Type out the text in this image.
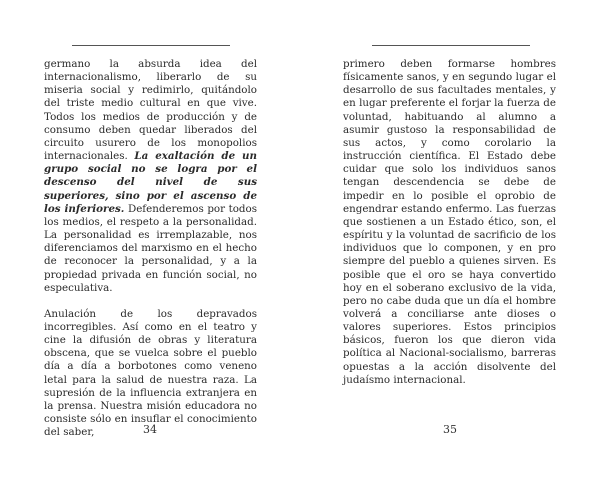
germano la absurda idea del internacionalismo, liberarlo de su miseria social y redimirlo, quitándolo del triste medio cultural en que vive. Todos los medios de producción y de consumo deben quedar liberados del circuito usurero de los monopolios internacionales. La exaltación de un grupo social no se logra por el descenso del nivel de sus superiores, sino por el ascenso de los inferiores. Defenderemos por todos los medios, el respeto a la personalidad. La personalidad es irremplazable, nos diferenciamos del marxismo en el hecho de reconocer la personalidad, y a la propiedad privada en función social, no especulativa.

Anulación de los depravados incorregibles. Así como en el teatro y cine la difusión de obras y literatura obscena, que se vuelca sobre el pueblo día a día a borbotones como veneno letal para la salud de nuestra raza. La supresión de la influencia extranjera en la prensa. Nuestra misión educadora no consiste sólo en insuflar el conocimiento del saber,	34

primero deben formarse hombres físicamente sanos, y en segundo lugar el desarrollo de sus facultades mentales, y en lugar preferente el forjar la fuerza de voluntad, habituando al alumno a asumir gustoso la responsabilidad de sus actos, y como corolario la instrucción científica. El Estado debe cuidar que solo los individuos sanos tengan descendencia se debe de impedir en lo posible el oprobio de engendrar estando enfermo. Las fuerzas que sostienen a un Estado ético, son, el espíritu y la voluntad de sacrificio de los individuos que lo componen, y en pro siempre del pueblo a quienes sirven. Es posible que el oro se haya convertido hoy en el soberano exclusivo de la vida, pero no cabe duda que un día el hombre volverá a conciliarse ante dioses o valores superiores. Estos principios básicos, fueron los que dieron vida política al Nacional-socialismo, barreras opuestas a la acción disolvente del judaísmo internacional.

35
